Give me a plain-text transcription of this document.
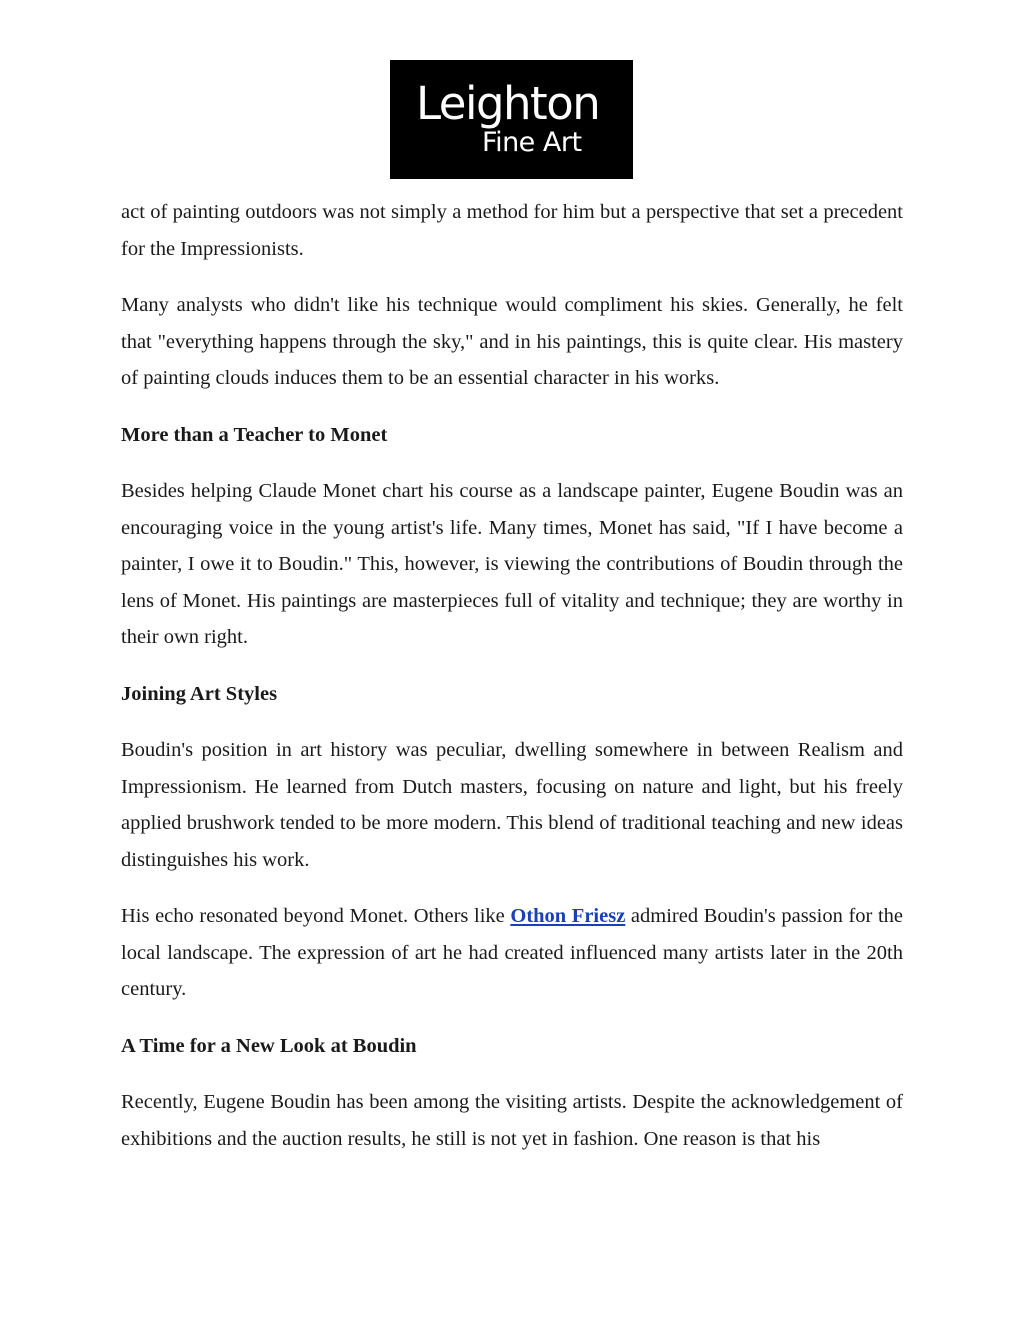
Leighton
Fine Art

act of painting outdoors was not simply a method for him but a perspective that set a precedent for the Impressionists.

Many analysts who didn't like his technique would compliment his skies. Generally, he felt that "everything happens through the sky," and in his paintings, this is quite clear. His mastery of painting clouds induces them to be an essential character in his works.

More than a Teacher to Monet

Besides helping Claude Monet chart his course as a landscape painter, Eugene Boudin was an encouraging voice in the young artist's life. Many times, Monet has said, "If I have become a painter, I owe it to Boudin." This, however, is viewing the contributions of Boudin through the lens of Monet. His paintings are masterpieces full of vitality and technique; they are worthy in their own right.

Joining Art Styles

Boudin's position in art history was peculiar, dwelling somewhere in between Realism and Impressionism. He learned from Dutch masters, focusing on nature and light, but his freely applied brushwork tended to be more modern. This blend of traditional teaching and new ideas distinguishes his work.

His echo resonated beyond Monet. Others like Othon Friesz admired Boudin's passion for the local landscape. The expression of art he had created influenced many artists later in the 20th century.

A Time for a New Look at Boudin

Recently, Eugene Boudin has been among the visiting artists. Despite the acknowledgement of exhibitions and the auction results, he still is not yet in fashion. One reason is that his
